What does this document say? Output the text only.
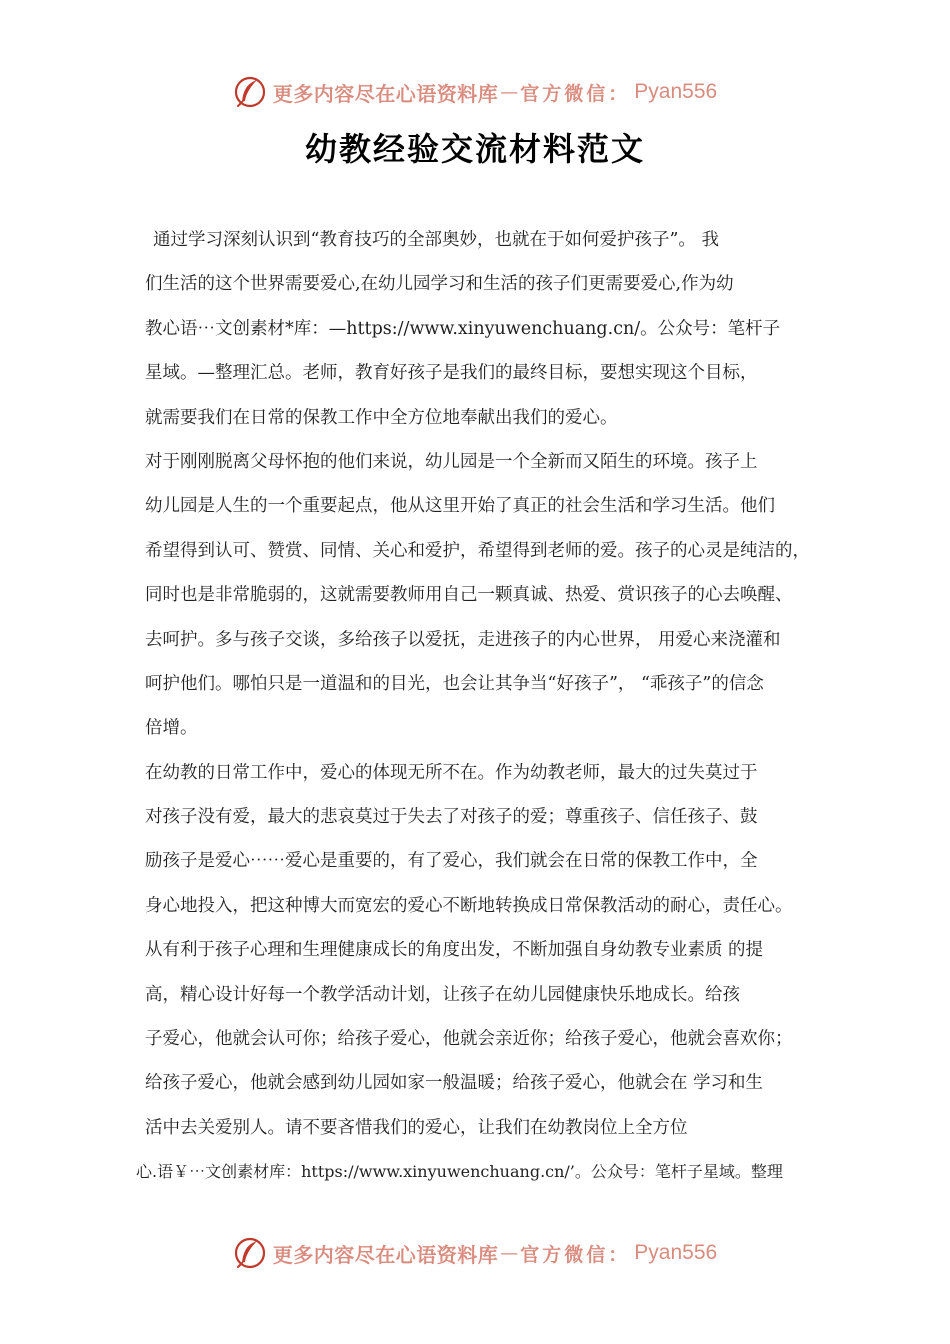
更多内容尽在心语资料库 — 官方微信： Pyan556
幼教经验交流材料范文
通过学习深刻认识到“教育技巧的全部奥妙，也就在于如何爱护孩子”。 我
们生活的这个世界需要爱心,在幼儿园学习和生活的孩子们更需要爱心,作为幼
教心语⋯文创素材*库：—https://www.xinyuwenchuang.cn/。公众号：笔杆子
星域。—整理汇总。老师，教育好孩子是我们的最终目标，要想实现这个目标，
就需要我们在日常的保教工作中全方位地奉献出我们的爱心。
对于刚刚脱离父母怀抱的他们来说，幼儿园是一个全新而又陌生的环境。孩子上
幼儿园是人生的一个重要起点，他从这里开始了真正的社会生活和学习生活。他们
希望得到认可、赞赏、同情、关心和爱护，希望得到老师的爱。孩子的心灵是纯洁的，
同时也是非常脆弱的，这就需要教师用自己一颗真诚、热爱、赏识孩子的心去唤醒、
去呵护。多与孩子交谈，多给孩子以爱抚，走进孩子的内心世界， 用爱心来浇灌和
呵护他们。哪怕只是一道温和的目光，也会让其争当“好孩子”， “乖孩子”的信念
倍增。
在幼教的日常工作中，爱心的体现无所不在。作为幼教老师，最大的过失莫过于
对孩子没有爱，最大的悲哀莫过于失去了对孩子的爱；尊重孩子、信任孩子、鼓
励孩子是爱心⋯⋯爱心是重要的，有了爱心，我们就会在日常的保教工作中，全
身心地投入，把这种博大而宽宏的爱心不断地转换成日常保教活动的耐心，责任心。
从有利于孩子心理和生理健康成长的角度出发，不断加强自身幼教专业素质 的提
高，精心设计好每一个教学活动计划，让孩子在幼儿园健康快乐地成长。给孩
子爱心，他就会认可你；给孩子爱心，他就会亲近你；给孩子爱心，他就会喜欢你；
给孩子爱心，他就会感到幼儿园如家一般温暖；给孩子爱心，他就会在 学习和生
活中去关爱别人。请不要吝惜我们的爱心，让我们在幼教岗位上全方位
心.语￥⋯文创素材库：https://www.xinyuwenchuang.cn/’。公众号：笔杆子星域。整理
更多内容尽在心语资料库 — 官方微信： Pyan556
